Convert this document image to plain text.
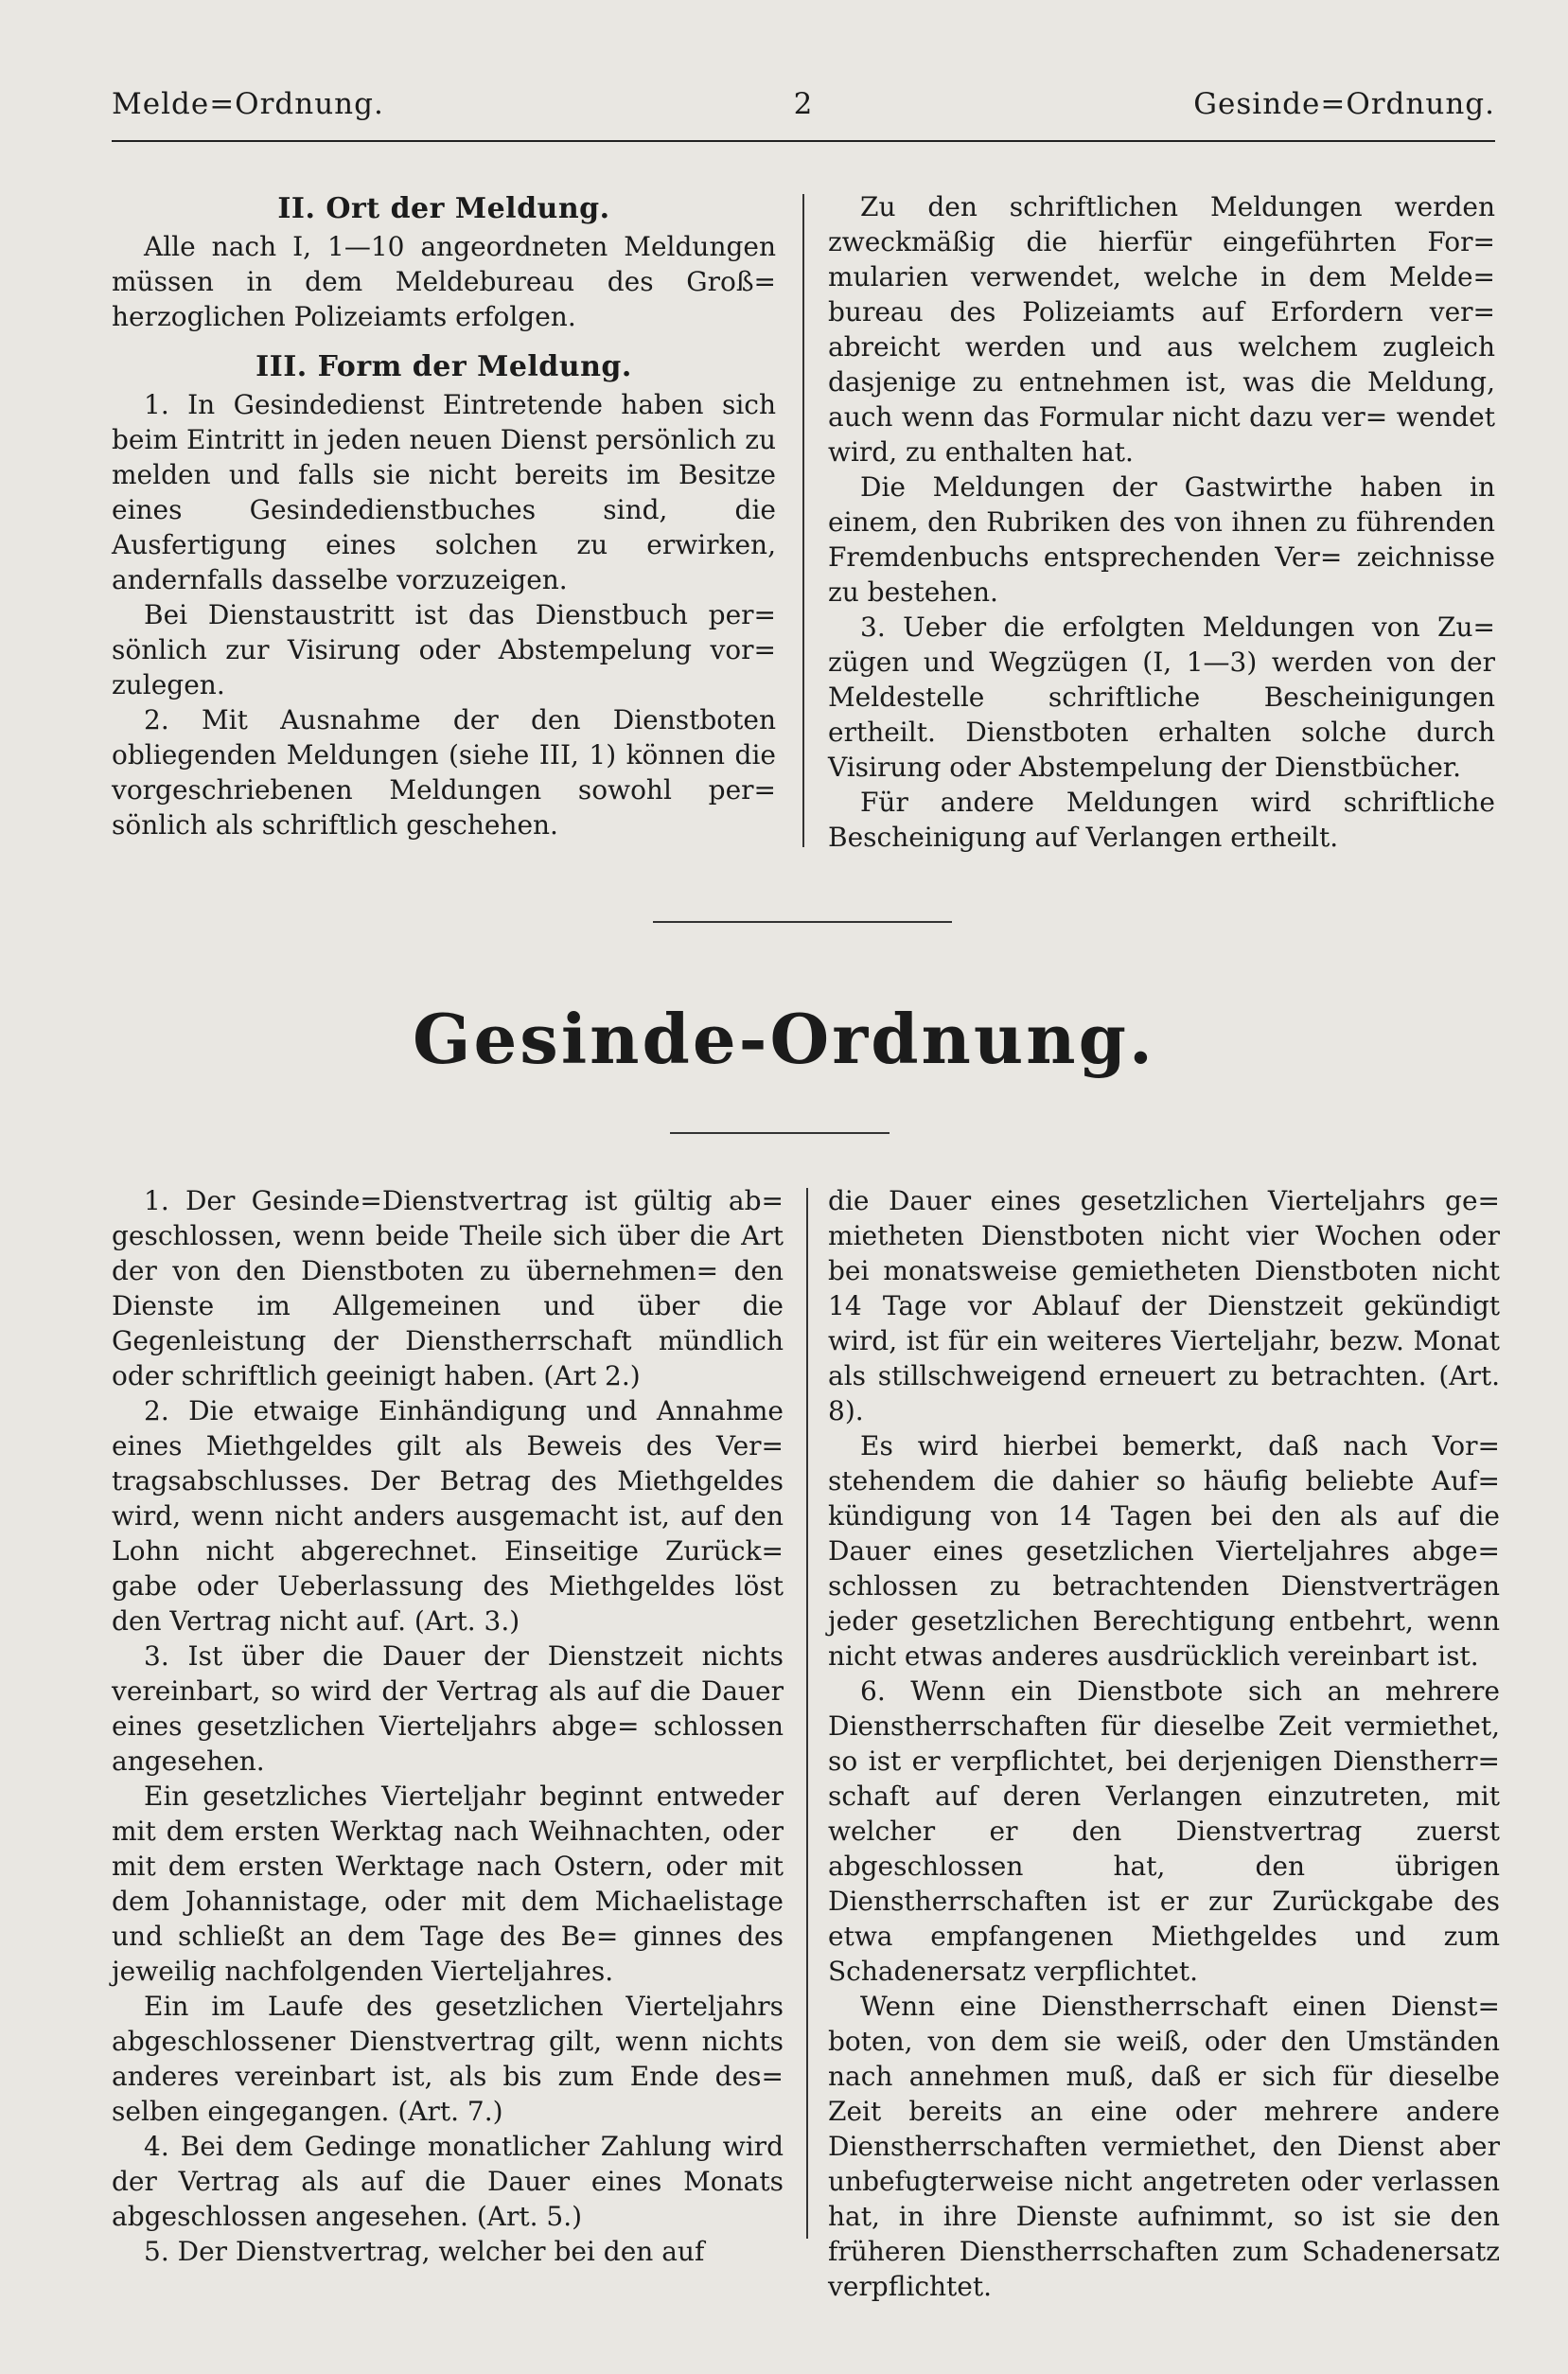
Melde=Ordnung.	2	Gesinde=Ordnung.
II. Ort der Meldung.

Alle nach I, 1—10 angeordneten Meldungen müssen in dem Meldebureau des Groß= herzoglichen Polizeiamts erfolgen.

III. Form der Meldung.

1. In Gesindedienst Eintretende haben sich beim Eintritt in jeden neuen Dienst persönlich zu melden und falls sie nicht bereits im Besitze eines Gesindedienstbuches sind, die Ausfertigung eines solchen zu erwirken, andernfalls dasselbe vorzuzeigen.

Bei Dienstaustritt ist das Dienstbuch per= sönlich zur Visirung oder Abstempelung vor= zulegen.

2. Mit Ausnahme der den Dienstboten obliegenden Meldungen (siehe III, 1) können die vorgeschriebenen Meldungen sowohl per= sönlich als schriftlich geschehen.

Zu den schriftlichen Meldungen werden zweckmäßig die hierfür eingeführten For= mularien verwendet, welche in dem Melde= bureau des Polizeiamts auf Erfordern ver= abreicht werden und aus welchem zugleich dasjenige zu entnehmen ist, was die Meldung, auch wenn das Formular nicht dazu ver= wendet wird, zu enthalten hat.

Die Meldungen der Gastwirthe haben in einem, den Rubriken des von ihnen zu führenden Fremdenbuchs entsprechenden Ver= zeichnisse zu bestehen.

3. Ueber die erfolgten Meldungen von Zu= zügen und Wegzügen (I, 1—3) werden von der Meldestelle schriftliche Bescheinigungen ertheilt. Dienstboten erhalten solche durch Visirung oder Abstempelung der Dienstbücher.

Für andere Meldungen wird schriftliche Bescheinigung auf Verlangen ertheilt.

Gesinde-Ordnung.

1. Der Gesinde=Dienstvertrag ist gültig ab= geschlossen, wenn beide Theile sich über die Art der von den Dienstboten zu übernehmen= den Dienste im Allgemeinen und über die Gegenleistung der Dienstherrschaft mündlich oder schriftlich geeinigt haben. (Art 2.)

2. Die etwaige Einhändigung und Annahme eines Miethgeldes gilt als Beweis des Ver= tragsabschlusses. Der Betrag des Miethgeldes wird, wenn nicht anders ausgemacht ist, auf den Lohn nicht abgerechnet. Einseitige Zurück= gabe oder Ueberlassung des Miethgeldes löst den Vertrag nicht auf. (Art. 3.)

3. Ist über die Dauer der Dienstzeit nichts vereinbart, so wird der Vertrag als auf die Dauer eines gesetzlichen Vierteljahrs abge= schlossen angesehen.

Ein gesetzliches Vierteljahr beginnt entweder mit dem ersten Werktag nach Weihnachten, oder mit dem ersten Werktage nach Ostern, oder mit dem Johannistage, oder mit dem Michaelistage und schließt an dem Tage des Be= ginnes des jeweilig nachfolgenden Vierteljahres.

Ein im Laufe des gesetzlichen Vierteljahrs abgeschlossener Dienstvertrag gilt, wenn nichts anderes vereinbart ist, als bis zum Ende des= selben eingegangen. (Art. 7.)

4. Bei dem Gedinge monatlicher Zahlung wird der Vertrag als auf die Dauer eines Monats abgeschlossen angesehen. (Art. 5.)

5. Der Dienstvertrag, welcher bei den auf

die Dauer eines gesetzlichen Vierteljahrs ge= mietheten Dienstboten nicht vier Wochen oder bei monatsweise gemietheten Dienstboten nicht 14 Tage vor Ablauf der Dienstzeit gekündigt wird, ist für ein weiteres Vierteljahr, bezw. Monat als stillschweigend erneuert zu betrachten. (Art. 8).

Es wird hierbei bemerkt, daß nach Vor= stehendem die dahier so häufig beliebte Auf= kündigung von 14 Tagen bei den als auf die Dauer eines gesetzlichen Vierteljahres abge= schlossen zu betrachtenden Dienstverträgen jeder gesetzlichen Berechtigung entbehrt, wenn nicht etwas anderes ausdrücklich vereinbart ist.

6. Wenn ein Dienstbote sich an mehrere Dienstherrschaften für dieselbe Zeit vermiethet, so ist er verpflichtet, bei derjenigen Dienstherr= schaft auf deren Verlangen einzutreten, mit welcher er den Dienstvertrag zuerst abgeschlossen hat, den übrigen Dienstherrschaften ist er zur Zurückgabe des etwa empfangenen Miethgeldes und zum Schadenersatz verpflichtet.

Wenn eine Dienstherrschaft einen Dienst= boten, von dem sie weiß, oder den Umständen nach annehmen muß, daß er sich für dieselbe Zeit bereits an eine oder mehrere andere Dienstherrschaften vermiethet, den Dienst aber unbefugterweise nicht angetreten oder verlassen hat, in ihre Dienste aufnimmt, so ist sie den früheren Dienstherrschaften zum Schadenersatz verpflichtet.
